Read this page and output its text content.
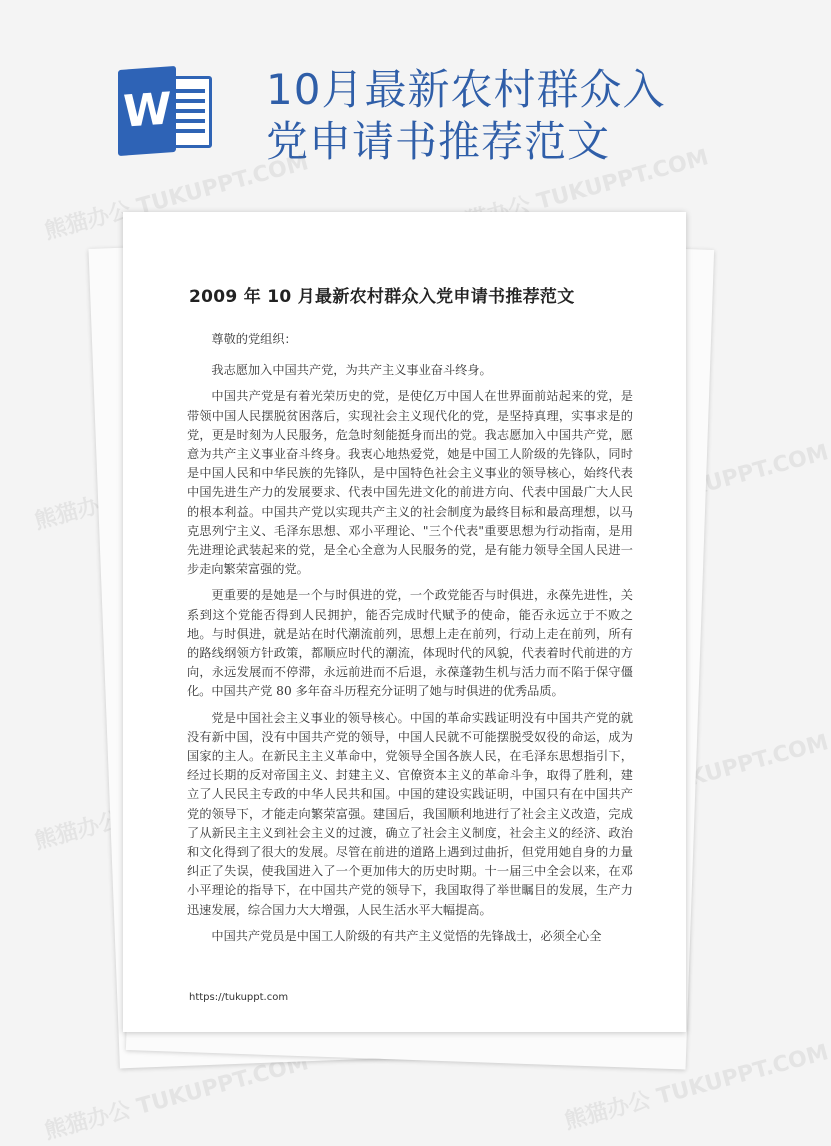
W 10月最新农村群众入党申请书推荐范文
熊猫办公 TUKUPPT.COM	熊猫办公 TUKUPPT.COM
熊猫办公
TUKUPPT.COM
熊猫办公
熊猫办公 TUKUPPT.COM
熊猫办公 TUKUPPT.COM	熊猫办公 TUKUPPT.COM
2009 年 10 月最新农村群众入党申请书推荐范文

尊敬的党组织：

我志愿加入中国共产党，为共产主义事业奋斗终身。

中国共产党是有着光荣历史的党，是使亿万中国人在世界面前站起来的党，是带领中国人民摆脱贫困落后，实现社会主义现代化的党，是坚持真理，实事求是的党，更是时刻为人民服务，危急时刻能挺身而出的党。我志愿加入中国共产党，愿意为共产主义事业奋斗终身。我衷心地热爱党，她是中国工人阶级的先锋队，同时是中国人民和中华民族的先锋队，是中国特色社会主义事业的领导核心，始终代表中国先进生产力的发展要求、代表中国先进文化的前进方向、代表中国最广大人民的根本利益。中国共产党以实现共产主义的社会制度为最终目标和最高理想，以马克思列宁主义、毛泽东思想、邓小平理论、"三个代表"重要思想为行动指南，是用先进理论武装起来的党，是全心全意为人民服务的党，是有能力领导全国人民进一步走向繁荣富强的党。

更重要的是她是一个与时俱进的党，一个政党能否与时俱进，永葆先进性，关系到这个党能否得到人民拥护，能否完成时代赋予的使命，能否永远立于不败之地。与时俱进，就是站在时代潮流前列，思想上走在前列，行动上走在前列，所有的路线纲领方针政策，都顺应时代的潮流，体现时代的风貌，代表着时代前进的方向，永远发展而不停滞，永远前进而不后退，永葆蓬勃生机与活力而不陷于保守僵化。中国共产党 80 多年奋斗历程充分证明了她与时俱进的优秀品质。

党是中国社会主义事业的领导核心。中国的革命实践证明没有中国共产党的就没有新中国，没有中国共产党的领导，中国人民就不可能摆脱受奴役的命运，成为国家的主人。在新民主主义革命中，党领导全国各族人民，在毛泽东思想指引下，经过长期的反对帝国主义、封建主义、官僚资本主义的革命斗争，取得了胜利，建立了人民民主专政的中华人民共和国。中国的建设实践证明，中国只有在中国共产党的领导下，才能走向繁荣富强。建国后，我国顺利地进行了社会主义改造，完成了从新民主主义到社会主义的过渡，确立了社会主义制度，社会主义的经济、政治和文化得到了很大的发展。尽管在前进的道路上遇到过曲折，但党用她自身的力量纠正了失误，使我国进入了一个更加伟大的历史时期。十一届三中全会以来，在邓小平理论的指导下，在中国共产党的领导下，我国取得了举世瞩目的发展，生产力迅速发展，综合国力大大增强，人民生活水平大幅提高。

中国共产党员是中国工人阶级的有共产主义觉悟的先锋战士，必须全心全

https://tukuppt.com
